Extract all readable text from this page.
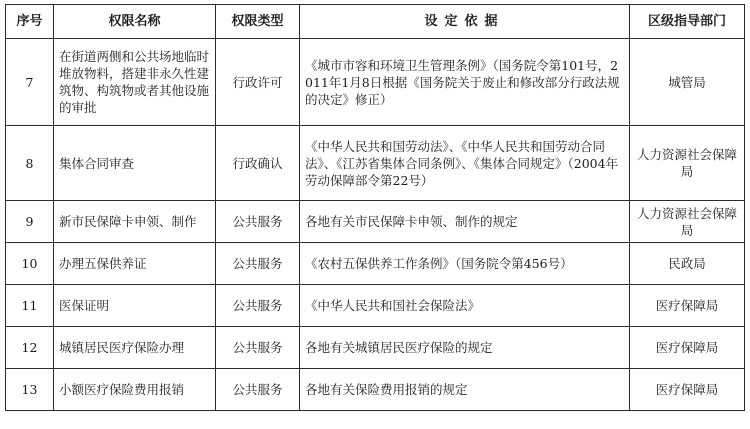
序号	权限名称	权限类型	设定依据	区级指导部门
7	在街道两侧和公共场地临时堆放物料，搭建非永久性建筑物、构筑物或者其他设施的审批	行政许可	《城市市容和环境卫生管理条例》（国务院令第101号，2011年1月8日根据《国务院关于废止和修改部分行政法规的决定》修正）	城管局
8	集体合同审查	行政确认	《中华人民共和国劳动法》、《中华人民共和国劳动合同法》、《江苏省集体合同条例》、《集体合同规定》（2004年劳动保障部令第22号）	人力资源社会保障局
9	新市民保障卡申领、制作	公共服务	各地有关市民保障卡申领、制作的规定	人力资源社会保障局
10	办理五保供养证	公共服务	《农村五保供养工作条例》（国务院令第456号）	民政局
11	医保证明	公共服务	《中华人民共和国社会保险法》	医疗保障局
12	城镇居民医疗保险办理	公共服务	各地有关城镇居民医疗保险的规定	医疗保障局
13	小额医疗保险费用报销	公共服务	各地有关保险费用报销的规定	医疗保障局
